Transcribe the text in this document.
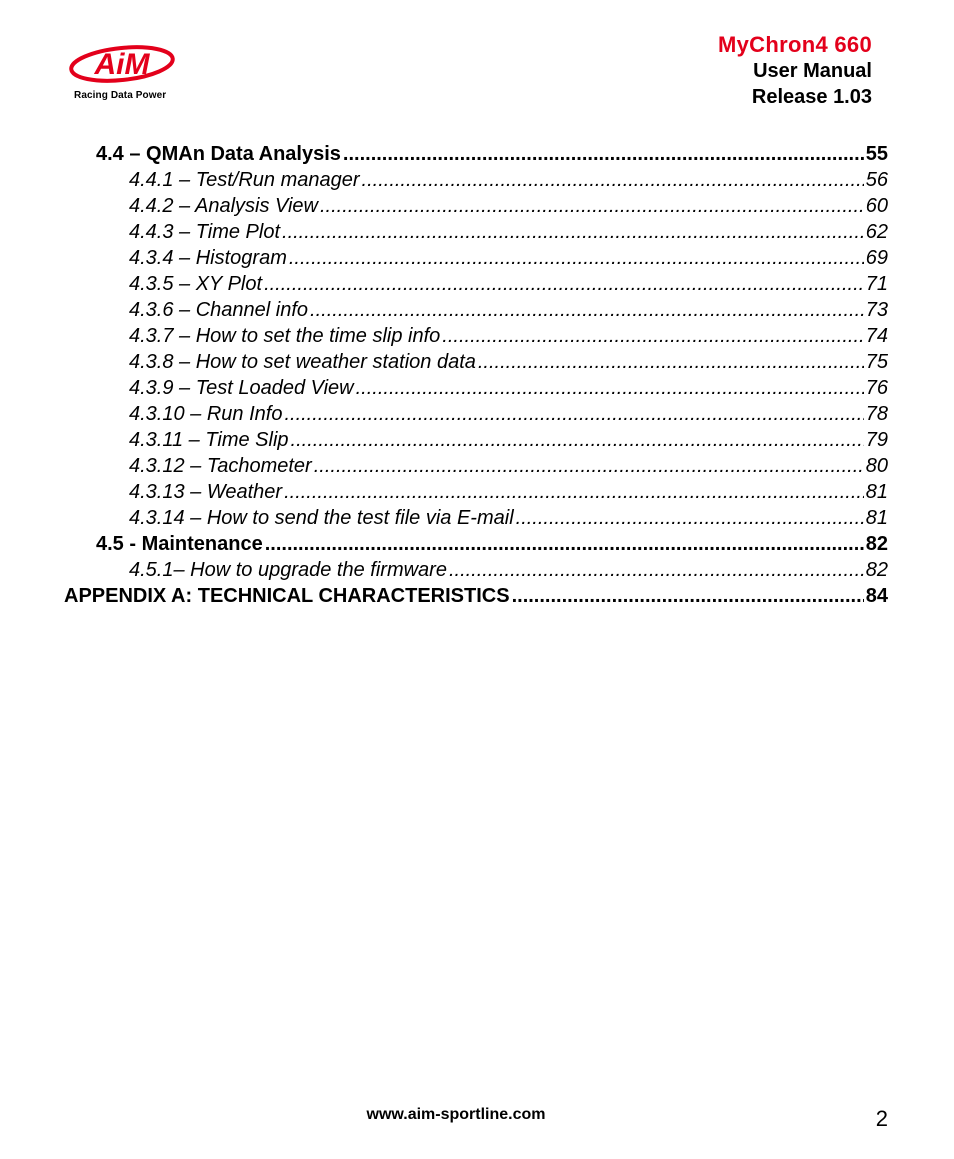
AiM
Racing Data Power
MyChron4 660
User Manual
Release 1.03
4.4 – QMAn Data Analysis .....	55
4.4.1 – Test/Run manager .....	56
4.4.2 – Analysis View .....	60
4.4.3 – Time Plot .....	62
4.3.4 – Histogram .....	69
4.3.5 – XY Plot .....	71
4.3.6 – Channel info .....	73
4.3.7 – How to set the time slip info .....	74
4.3.8 – How to set weather station data .....	75
4.3.9 – Test Loaded View .....	76
4.3.10 – Run Info .....	78
4.3.11 – Time Slip .....	79
4.3.12 – Tachometer .....	80
4.3.13 – Weather .....	81
4.3.14 – How to send the test file via E-mail .....	81
4.5 - Maintenance .....	82
4.5.1– How to upgrade the firmware .....	82
APPENDIX A: TECHNICAL CHARACTERISTICS .....	84
www.aim-sportline.com	2
